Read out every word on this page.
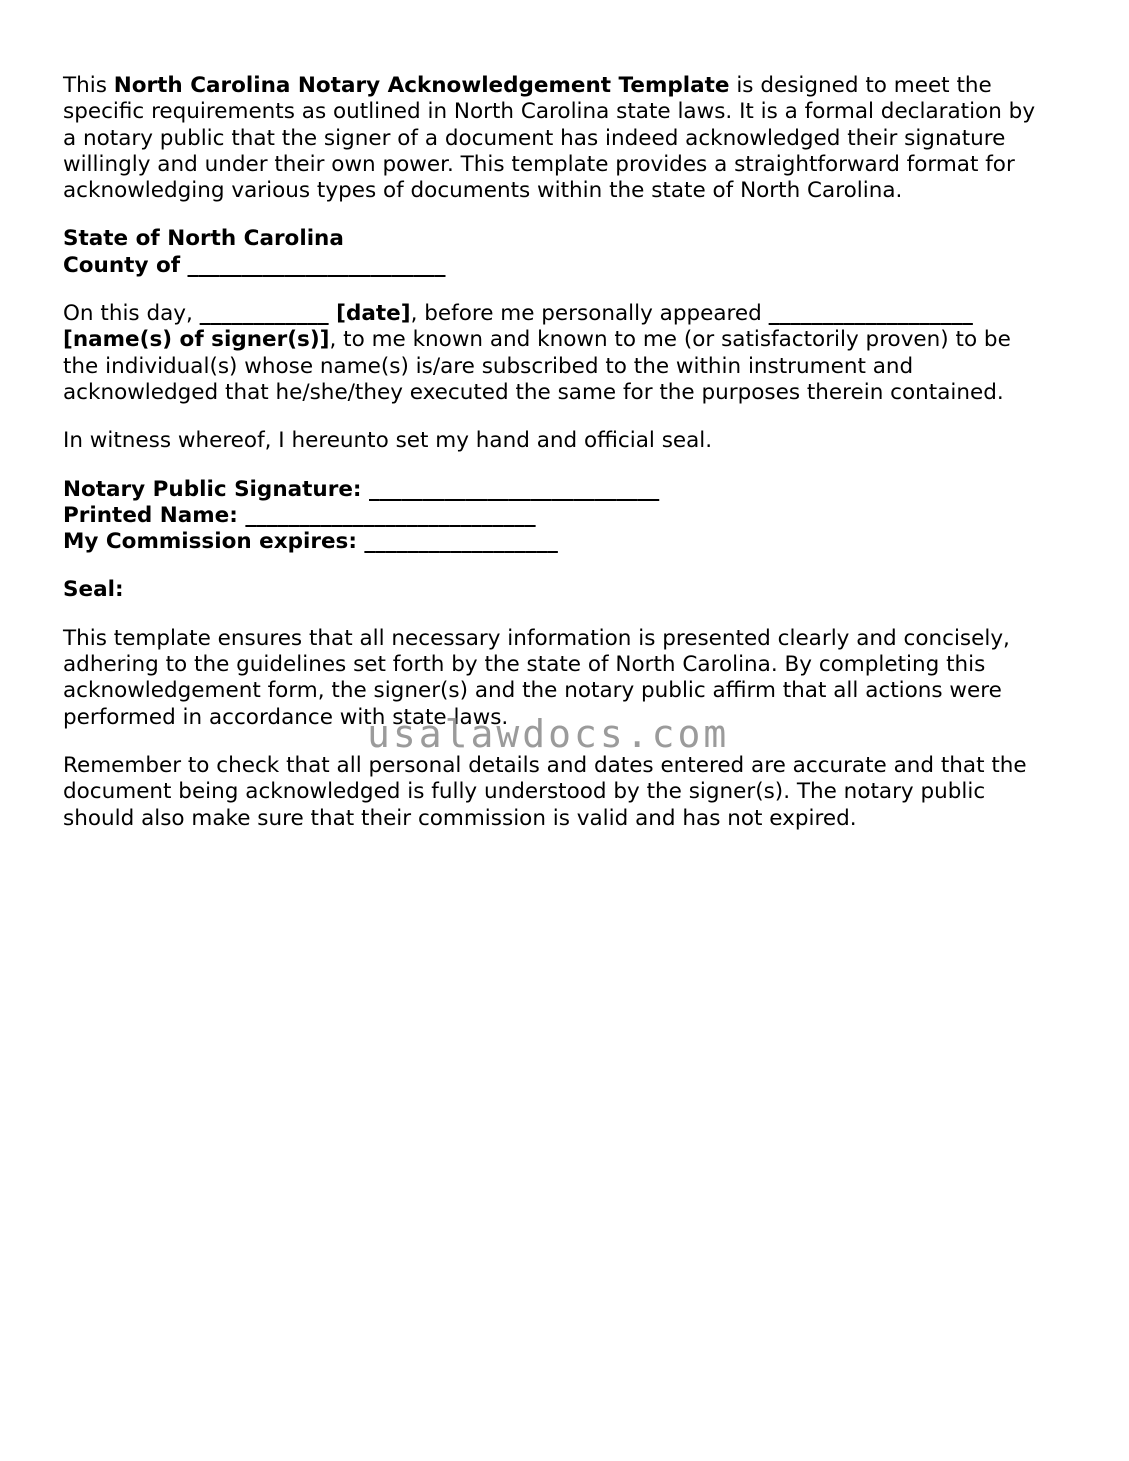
This North Carolina Notary Acknowledgement Template is designed to meet the
specific requirements as outlined in North Carolina state laws. It is a formal declaration by
a notary public that the signer of a document has indeed acknowledged their signature
willingly and under their own power. This template provides a straightforward format for
acknowledging various types of documents within the state of North Carolina.

State of North Carolina
County of ________________________

On this day, ____________ [date], before me personally appeared ___________________
[name(s) of signer(s)], to me known and known to me (or satisfactorily proven) to be
the individual(s) whose name(s) is/are subscribed to the within instrument and
acknowledged that he/she/they executed the same for the purposes therein contained.

In witness whereof, I hereunto set my hand and official seal.

Notary Public Signature: ___________________________
Printed Name: ___________________________
My Commission expires: __________________

Seal:

This template ensures that all necessary information is presented clearly and concisely,
adhering to the guidelines set forth by the state of North Carolina. By completing this
acknowledgement form, the signer(s) and the notary public affirm that all actions were
performed in accordance with state laws.

Remember to check that all personal details and dates entered are accurate and that the
document being acknowledged is fully understood by the signer(s). The notary public
should also make sure that their commission is valid and has not expired.

usalawdocs.com
